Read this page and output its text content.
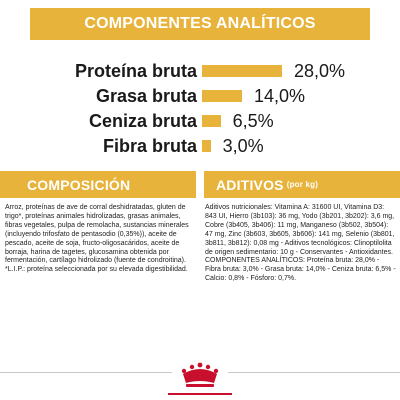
COMPONENTES ANALÍTICOS
Proteína bruta	28,0%
Grasa bruta	14,0%
Ceniza bruta 6,5%
Fibra bruta 3,0%
COMPOSICIÓN	ADITIVOS (por kg)
Arroz, proteínas de ave de corral deshidratadas, gluten de trigo*, proteínas animales hidrolizadas, grasas animales, fibras vegetales, pulpa de remolacha, sustancias minerales (incluyendo trifosfato de pentasodio (0,35%)), aceite de pescado, aceite de soja, fructo-oligosacáridos, aceite de borraja, harina de tagetes, glucosamina obtenida por fermentación, cartílago hidrolizado (fuente de condroitina).
*L.I.P.: proteína seleccionada por su elevada digestibilidad.
Aditivos nutricionales: Vitamina A: 31600 UI, Vitamina D3: 843 UI, Hierro (3b103): 36 mg, Yodo (3b201, 3b202): 3,6 mg, Cobre (3b405, 3b406): 11 mg, Manganeso (3b502, 3b504): 47 mg, Zinc (3b603, 3b605, 3b606): 141 mg, Selenio (3b801, 3b811, 3b812): 0,08 mg - Aditivos tecnológicos: Clinoptilolita de origen sedimentario: 10 g - Conservantes - Antioxidantes.
COMPONENTES ANALÍTICOS: Proteína bruta: 28,0% - Fibra bruta: 3,0% - Grasa bruta: 14,0% - Ceniza bruta: 6,5% - Calcio: 0,8% - Fósforo: 0,7%.
